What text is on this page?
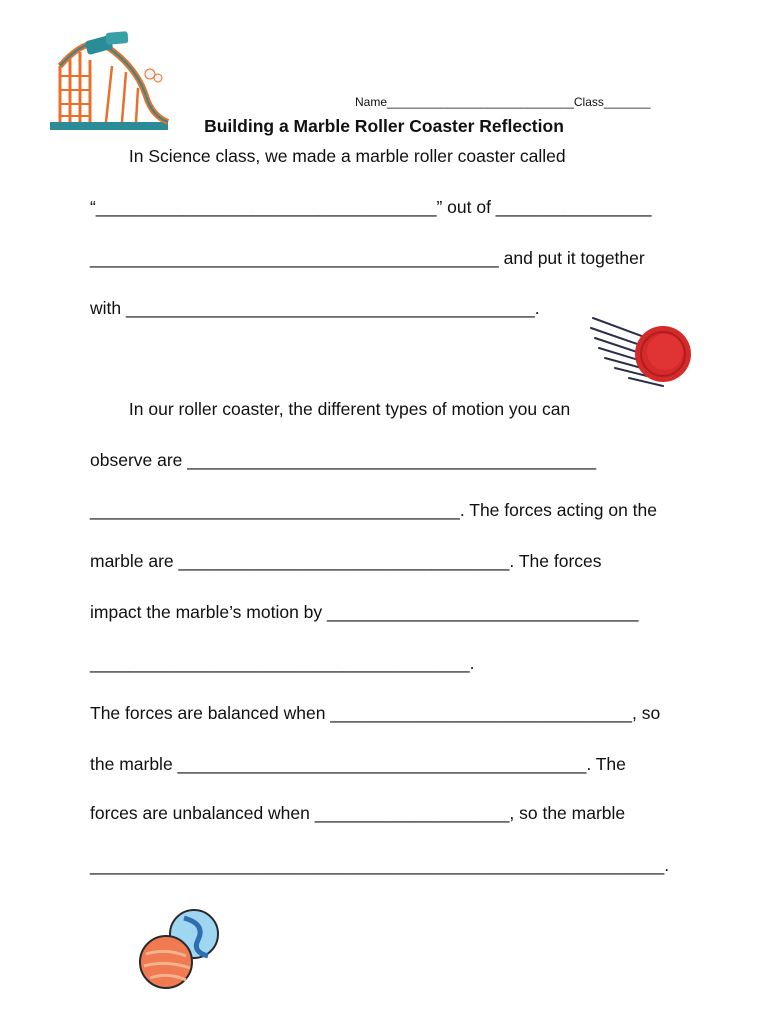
Name____________________________Class_______
Building a Marble Roller Coaster Reflection
In Science class, we made a marble roller coaster called
“___________________________________” out of ________________
__________________________________________ and put it together
with __________________________________________.
In our roller coaster, the different types of motion you can
observe are __________________________________________
______________________________________. The forces acting on the
marble are __________________________________. The forces
impact the marble’s motion by ________________________________
_______________________________________.
The forces are balanced when _______________________________, so
the marble __________________________________________. The
forces are unbalanced when ____________________, so the marble
___________________________________________________________.
